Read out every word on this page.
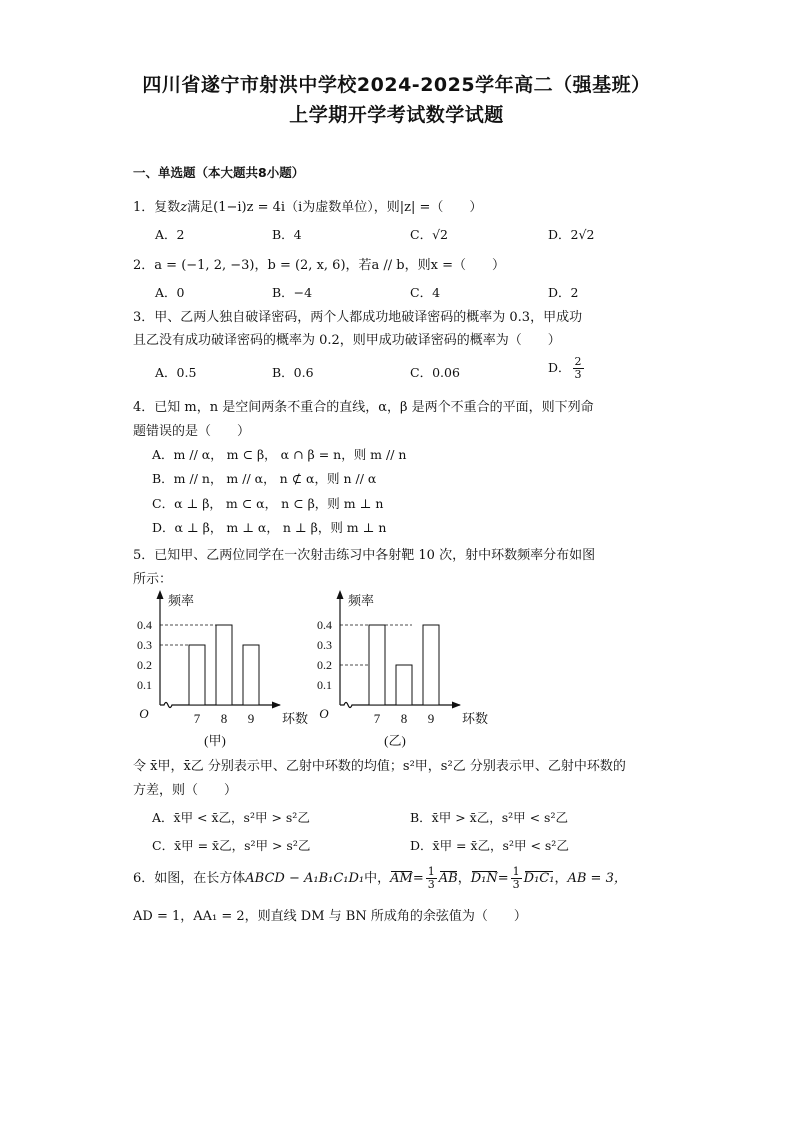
四川省遂宁市射洪中学校2024-2025学年高二（强基班）
上学期开学考试数学试题
一、单选题（本大题共8小题）
1．复数z满足(1−i)z = 4i（i为虚数单位），则|z| =（　　）
A．2	B．4	C．√2	D．2√2
2．a = (−1, 2, −3)，b = (2, x, 6)，若a // b，则x =（　　）
A．0	B．−4	C．4	D．2
3．甲、乙两人独自破译密码，两个人都成功地破译密码的概率为 0.3，甲成功
且乙没有成功破译密码的概率为 0.2，则甲成功破译密码的概率为（　　）
A．0.5	B．0.6	C．0.06	D． $\frac{2}{3}$
4．已知 m，n 是空间两条不重合的直线，α，β 是两个不重合的平面，则下列命
题错误的是（　　）
A．m // α， m ⊂ β， α ∩ β = n，则 m // n
B．m // n， m // α， n ⊄ α，则 n // α
C．α ⊥ β， m ⊂ α， n ⊂ β，则 m ⊥ n
D．α ⊥ β， m ⊥ α， n ⊥ β，则 m ⊥ n
5．已知甲、乙两位同学在一次射击练习中各射靶 10 次，射中环数频率分布如图
所示：
O
频率
环数
0.1
0.2
0.3
0.4
7 8 9
(甲)
O
频率
环数
0.1
0.2
0.3
0.4
7 8 9
(乙)
令 x̄甲，x̄乙 分别表示甲、乙射中环数的均值；s²甲，s²乙 分别表示甲、乙射中环数的
方差，则（　　）
A．x̄甲 < x̄乙，s²甲 > s²乙	B．x̄甲 > x̄乙，s²甲 < s²乙
C．x̄甲 = x̄乙，s²甲 > s²乙	D．x̄甲 = x̄乙，s²甲 < s²乙
6．如图，在长方体ABCD − A₁B₁C₁D₁中，$AM= \frac{1}{3}$ AB，$D_1N= \frac{1}{3} D_1C_1$，AB = 3，
AD = 1，AA₁ = 2，则直线 DM 与 BN 所成角的余弦值为（　　）
